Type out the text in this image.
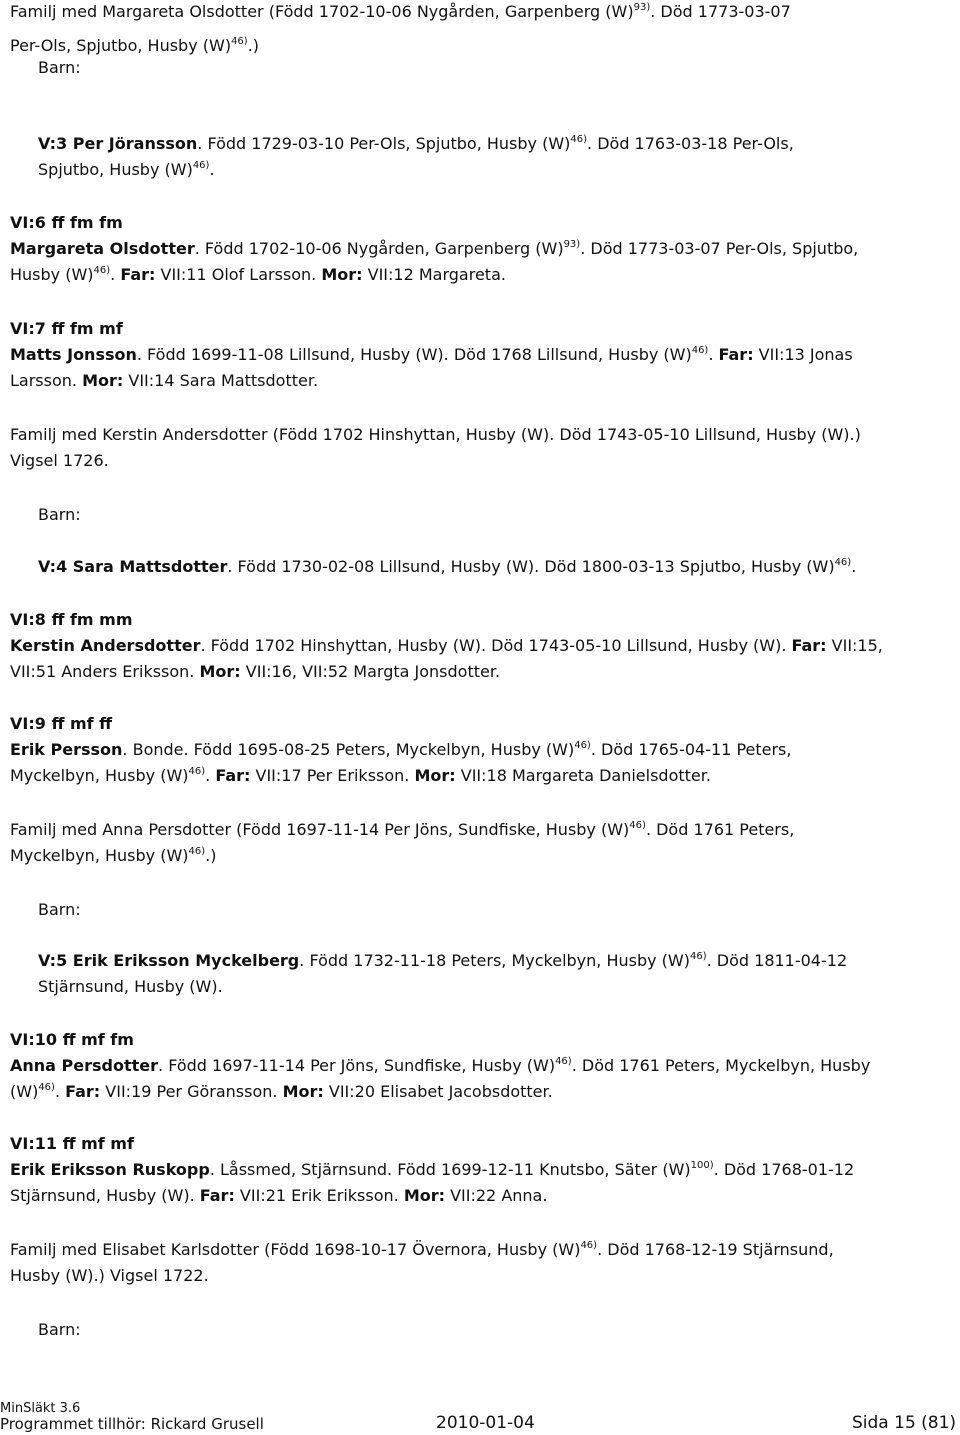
Familj med Margareta Olsdotter (Född 1702-10-06 Nygården, Garpenberg $(W)^{93)}$. Död 1773-03-07
Per-Ols, Spjutbo, Husby $(W)^{46)}$.)
Barn:
V:3 Per Jöransson. Född 1729-03-10 Per-Ols, Spjutbo, Husby $(W)^{46)}$. Död 1763-03-18 Per-Ols,
Spjutbo, Husby $(W)^{46)}$.
VI:6 ff fm fm
Margareta Olsdotter. Född 1702-10-06 Nygården, Garpenberg $(W)^{93)}$. Död 1773-03-07 Per-Ols, Spjutbo,
Husby $(W)^{46)}$. Far: VII:11 Olof Larsson. Mor: VII:12 Margareta.
VI:7 ff fm mf
Matts Jonsson. Född 1699-11-08 Lillsund, Husby (W). Död 1768 Lillsund, Husby $(W)^{46)}$. Far: VII:13 Jonas
Larsson. Mor: VII:14 Sara Mattsdotter.
Familj med Kerstin Andersdotter (Född 1702 Hinshyttan, Husby (W). Död 1743-05-10 Lillsund, Husby (W).)
Vigsel 1726.
Barn:
V:4 Sara Mattsdotter. Född 1730-02-08 Lillsund, Husby (W). Död 1800-03-13 Spjutbo, Husby $(W)^{46)}$.
VI:8 ff fm mm
Kerstin Andersdotter. Född 1702 Hinshyttan, Husby (W). Död 1743-05-10 Lillsund, Husby (W). Far: VII:15,
VII:51 Anders Eriksson. Mor: VII:16, VII:52 Margta Jonsdotter.
VI:9 ff mf ff
Erik Persson. Bonde. Född 1695-08-25 Peters, Myckelbyn, Husby $(W)^{46)}$. Död 1765-04-11 Peters,
Myckelbyn, Husby $(W)^{46)}$. Far: VII:17 Per Eriksson. Mor: VII:18 Margareta Danielsdotter.
Familj med Anna Persdotter (Född 1697-11-14 Per Jöns, Sundfiske, Husby $(W)^{46)}$. Död 1761 Peters,
Myckelbyn, Husby $(W)^{46)}$.)
Barn:
V:5 Erik Eriksson Myckelberg. Född 1732-11-18 Peters, Myckelbyn, Husby $(W)^{46)}$. Död 1811-04-12
Stjärnsund, Husby (W).
VI:10 ff mf fm
Anna Persdotter. Född 1697-11-14 Per Jöns, Sundfiske, Husby $(W)^{46)}$. Död 1761 Peters, Myckelbyn, Husby
$(W)^{46)}$. Far: VII:19 Per Göransson. Mor: VII:20 Elisabet Jacobsdotter.
VI:11 ff mf mf
Erik Eriksson Ruskopp. Låssmed, Stjärnsund. Född 1699-12-11 Knutsbo, Säter $(W)^{100)}$. Död 1768-01-12
Stjärnsund, Husby (W). Far: VII:21 Erik Eriksson. Mor: VII:22 Anna.
Familj med Elisabet Karlsdotter (Född 1698-10-17 Övernora, Husby $(W)^{46)}$. Död 1768-12-19 Stjärnsund,
Husby (W).) Vigsel 1722.
Barn:
MinSläkt 3.6
Programmet tillhör: Rickard Grusell	2010-01-04	Sida 15 (81)
